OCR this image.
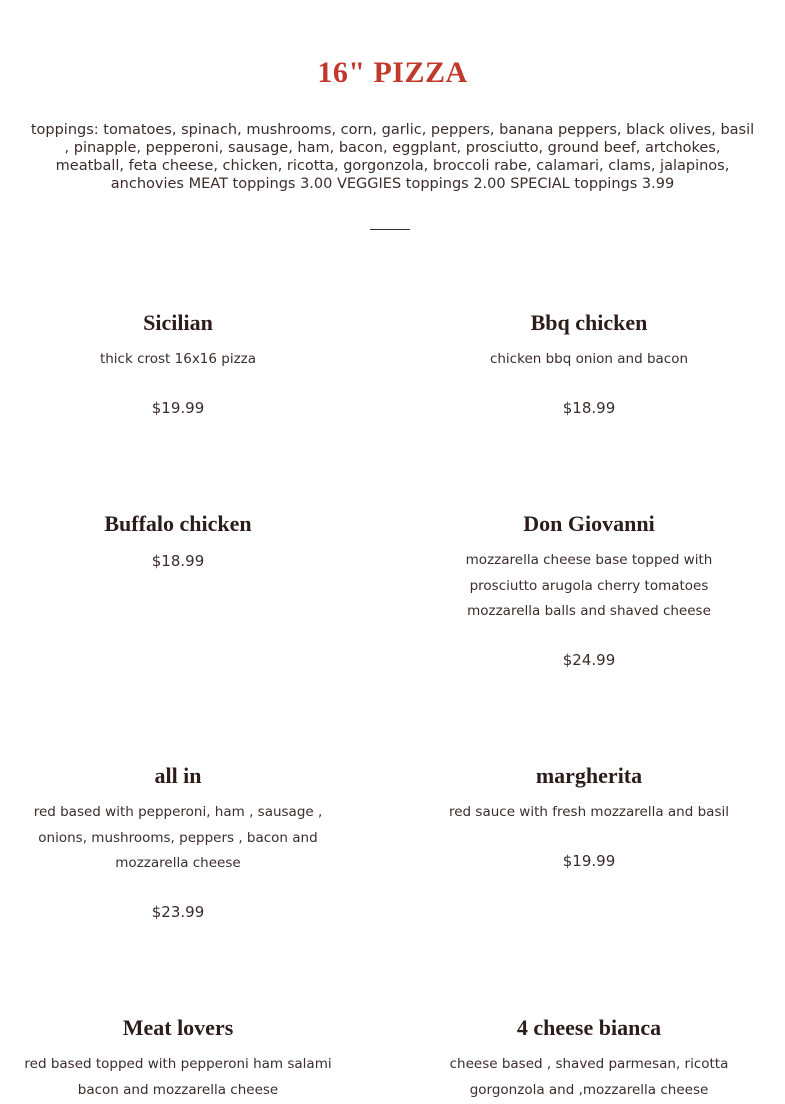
16" PIZZA

toppings: tomatoes, spinach, mushrooms, corn, garlic, peppers, banana peppers, black olives, basil , pinapple, pepperoni, sausage, ham, bacon, eggplant, prosciutto, ground beef, artchokes, meatball, feta cheese, chicken, ricotta, gorgonzola, broccoli rabe, calamari, clams, jalapinos, anchovies MEAT toppings 3.00 VEGGIES toppings 2.00 SPECIAL toppings 3.99

Sicilian

thick crost 16x16 pizza

$19.99

Bbq chicken

chicken bbq onion and bacon

$18.99

Buffalo chicken

$18.99

Don Giovanni

mozzarella cheese base topped with prosciutto arugola cherry tomatoes mozzarella balls and shaved cheese

$24.99

all in

red based with pepperoni, ham , sausage , onions, mushrooms, peppers , bacon and mozzarella cheese

$23.99

margherita

red sauce with fresh mozzarella and basil

$19.99

Meat lovers

red based topped with pepperoni ham salami bacon and mozzarella cheese

4 cheese bianca

cheese based , shaved parmesan, ricotta gorgonzola and ,mozzarella cheese
